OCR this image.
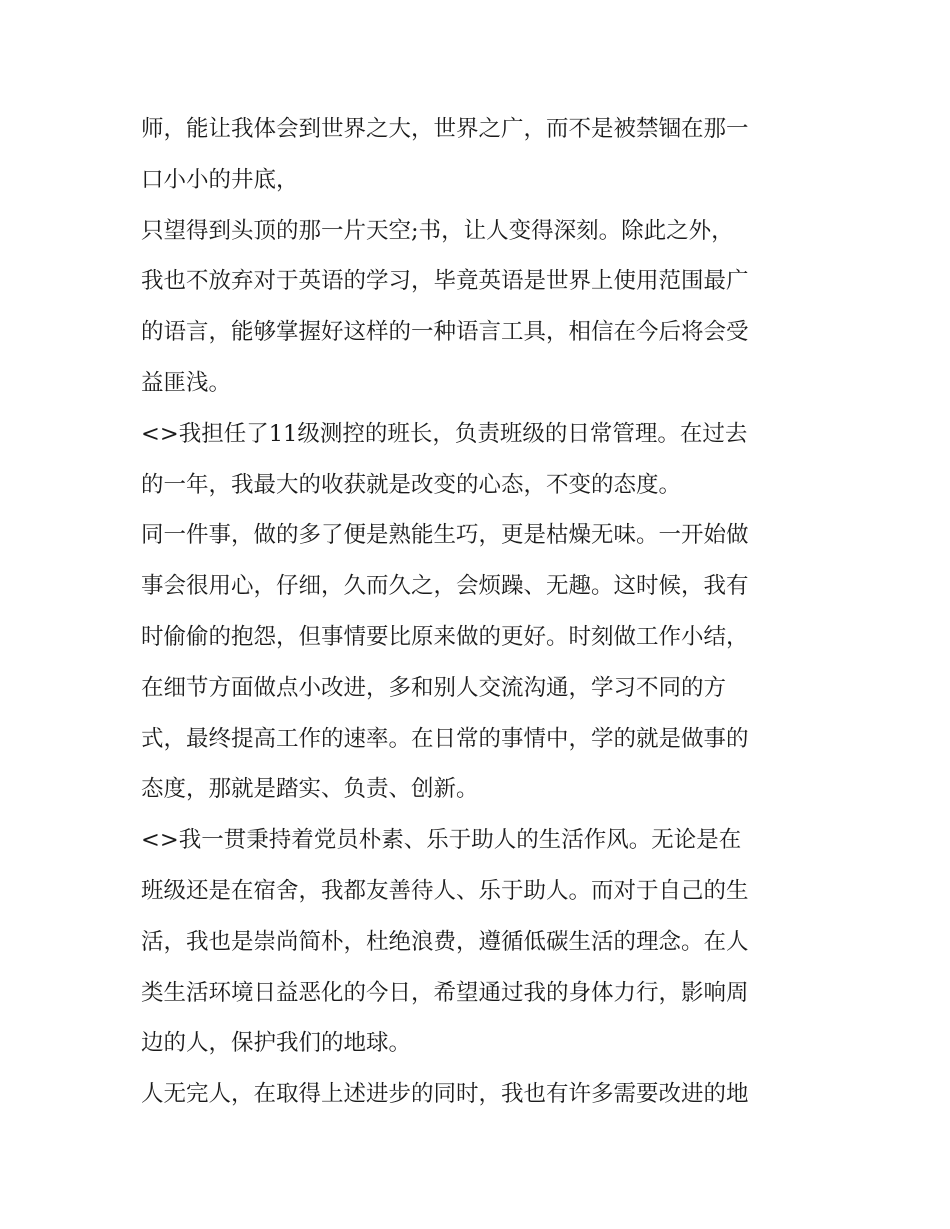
师，能让我体会到世界之大，世界之广，而不是被禁锢在那一
口小小的井底，
只望得到头顶的那一片天空;书，让人变得深刻。除此之外，
我也不放弃对于英语的学习，毕竟英语是世界上使用范围最广
的语言，能够掌握好这样的一种语言工具，相信在今后将会受
益匪浅。
<>我担任了11级测控的班长，负责班级的日常管理。在过去
的一年，我最大的收获就是改变的心态，不变的态度。
同一件事，做的多了便是熟能生巧，更是枯燥无味。一开始做
事会很用心，仔细，久而久之，会烦躁、无趣。这时候，我有
时偷偷的抱怨，但事情要比原来做的更好。时刻做工作小结，
在细节方面做点小改进，多和别人交流沟通，学习不同的方
式，最终提高工作的速率。在日常的事情中，学的就是做事的
态度，那就是踏实、负责、创新。
<>我一贯秉持着党员朴素、乐于助人的生活作风。无论是在
班级还是在宿舍，我都友善待人、乐于助人。而对于自己的生
活，我也是崇尚简朴，杜绝浪费，遵循低碳生活的理念。在人
类生活环境日益恶化的今日，希望通过我的身体力行，影响周
边的人，保护我们的地球。
人无完人，在取得上述进步的同时，我也有许多需要改进的地
